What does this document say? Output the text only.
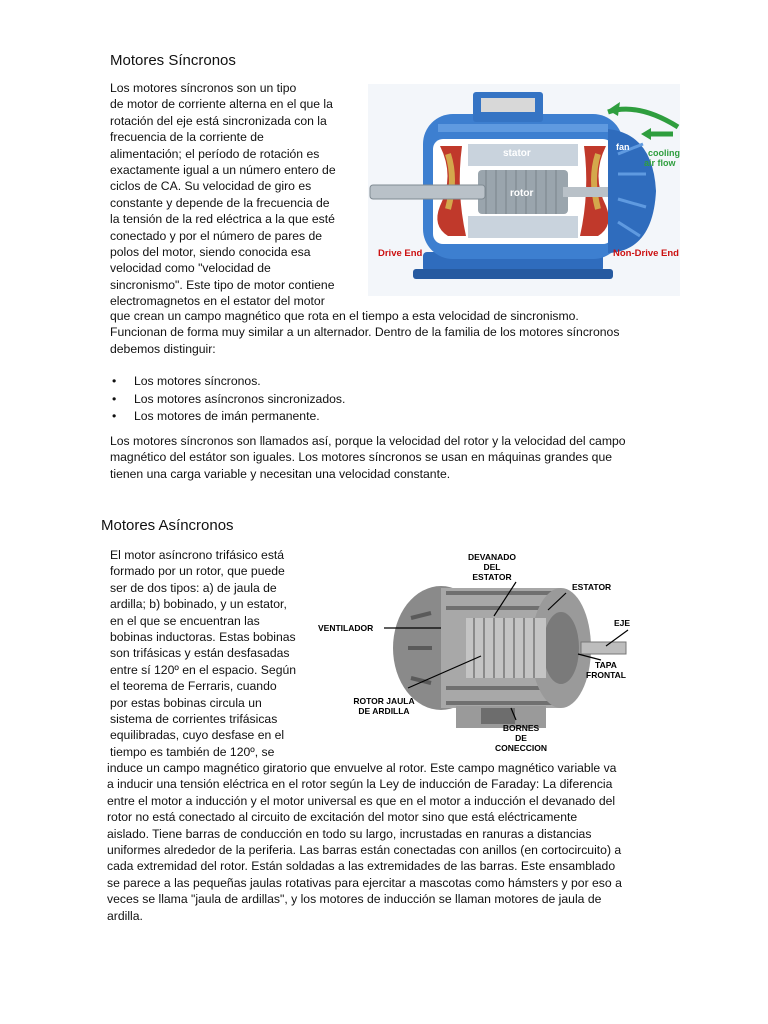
Motores Síncronos
Los motores síncronos son un tipo
de motor de corriente alterna en el que la
rotación del eje está sincronizada con la
frecuencia de la corriente de
alimentación; el período de rotación es
exactamente igual a un número entero de
ciclos de CA. Su velocidad de giro es
constante y depende de la frecuencia de
la tensión de la red eléctrica a la que esté
conectado y por el número de pares de
polos del motor, siendo conocida esa
velocidad como "velocidad de
sincronismo". Este tipo de motor contiene
electromagnetos en el estator del motor
que crean un campo magnético que rota en el tiempo a esta velocidad de sincronismo.
Funcionan de forma muy similar a un alternador. Dentro de la familia de los motores síncronos
debemos distinguir:
•	Los motores síncronos.
•	Los motores asíncronos sincronizados.
•	Los motores de imán permanente.
Los motores síncronos son llamados así, porque la velocidad del rotor y la velocidad del campo
magnético del estátor son iguales. Los motores síncronos se usan en máquinas grandes que
tienen una carga variable y necesitan una velocidad constante.
stator
rotor
fan
cooling
air flow
Drive End	Non-Drive End
Motores Asíncronos
El motor asíncrono trifásico está
formado por un rotor, que puede
ser de dos tipos: a) de jaula de
ardilla; b) bobinado, y un estator,
en el que se encuentran las
bobinas inductoras. Estas bobinas
son trifásicas y están desfasadas
entre sí 120º en el espacio. Según
el teorema de Ferraris, cuando
por estas bobinas circula un
sistema de corrientes trifásicas
equilibradas, cuyo desfase en el
tiempo es también de 120º, se
induce un campo magnético giratorio que envuelve al rotor. Este campo magnético variable va
a inducir una tensión eléctrica en el rotor según la Ley de inducción de Faraday: La diferencia
entre el motor a inducción y el motor universal es que en el motor a inducción el devanado del
rotor no está conectado al circuito de excitación del motor sino que está eléctricamente
aislado. Tiene barras de conducción en todo su largo, incrustadas en ranuras a distancias
uniformes alrededor de la periferia. Las barras están conectadas con anillos (en cortocircuito) a
cada extremidad del rotor. Están soldadas a las extremidades de las barras. Este ensamblado
se parece a las pequeñas jaulas rotativas para ejercitar a mascotas como hámsters y por eso a
veces se llama "jaula de ardillas", y los motores de inducción se llaman motores de jaula de
ardilla.
DEVANADO
DEL
ESTATOR
ESTATOR
VENTILADOR	EJE
ROTOR JAULA
DE ARDILLA
TAPA
FRONTAL
BORNES
DE
CONECCION
